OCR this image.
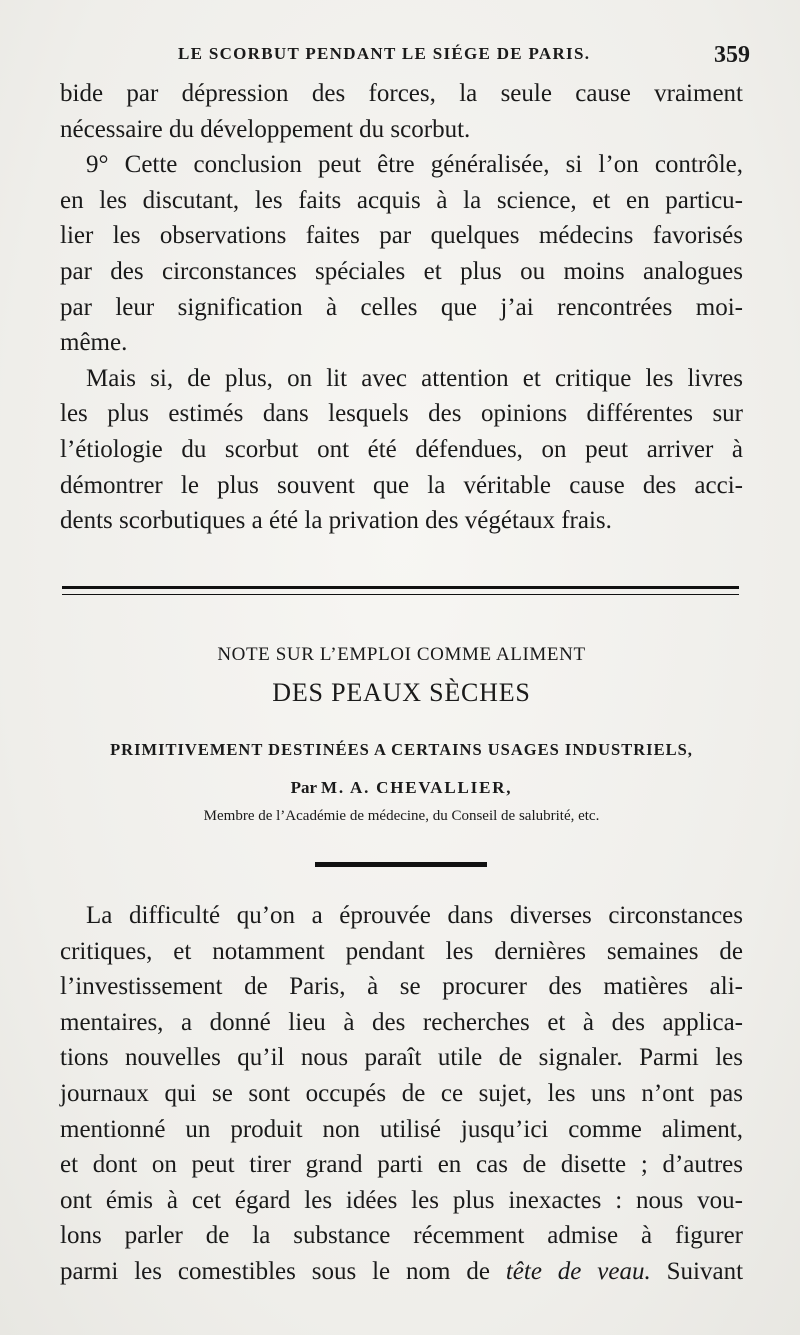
LE SCORBUT PENDANT LE SIÉGE DE PARIS.	359
bide par dépression des forces, la seule cause vraiment
nécessaire du développement du scorbut.
9° Cette conclusion peut être généralisée, si l’on contrôle,
en les discutant, les faits acquis à la science, et en particu-
lier les observations faites par quelques médecins favorisés
par des circonstances spéciales et plus ou moins analogues
par leur signification à celles que j’ai rencontrées moi-
même.
Mais si, de plus, on lit avec attention et critique les livres
les plus estimés dans lesquels des opinions différentes sur
l’étiologie du scorbut ont été défendues, on peut arriver à
démontrer le plus souvent que la véritable cause des acci-
dents scorbutiques a été la privation des végétaux frais.
NOTE SUR L’EMPLOI COMME ALIMENT
DES PEAUX SÈCHES
PRIMITIVEMENT DESTINÉES A CERTAINS USAGES INDUSTRIELS,
Par M. A. CHEVALLIER,
Membre de l’Académie de médecine, du Conseil de salubrité, etc.
La difficulté qu’on a éprouvée dans diverses circonstances
critiques, et notamment pendant les dernières semaines de
l’investissement de Paris, à se procurer des matières ali-
mentaires, a donné lieu à des recherches et à des applica-
tions nouvelles qu’il nous paraît utile de signaler. Parmi les
journaux qui se sont occupés de ce sujet, les uns n’ont pas
mentionné un produit non utilisé jusqu’ici comme aliment,
et dont on peut tirer grand parti en cas de disette ; d’autres
ont émis à cet égard les idées les plus inexactes : nous vou-
lons parler de la substance récemment admise à figurer
parmi les comestibles sous le nom de tête de veau. Suivant
